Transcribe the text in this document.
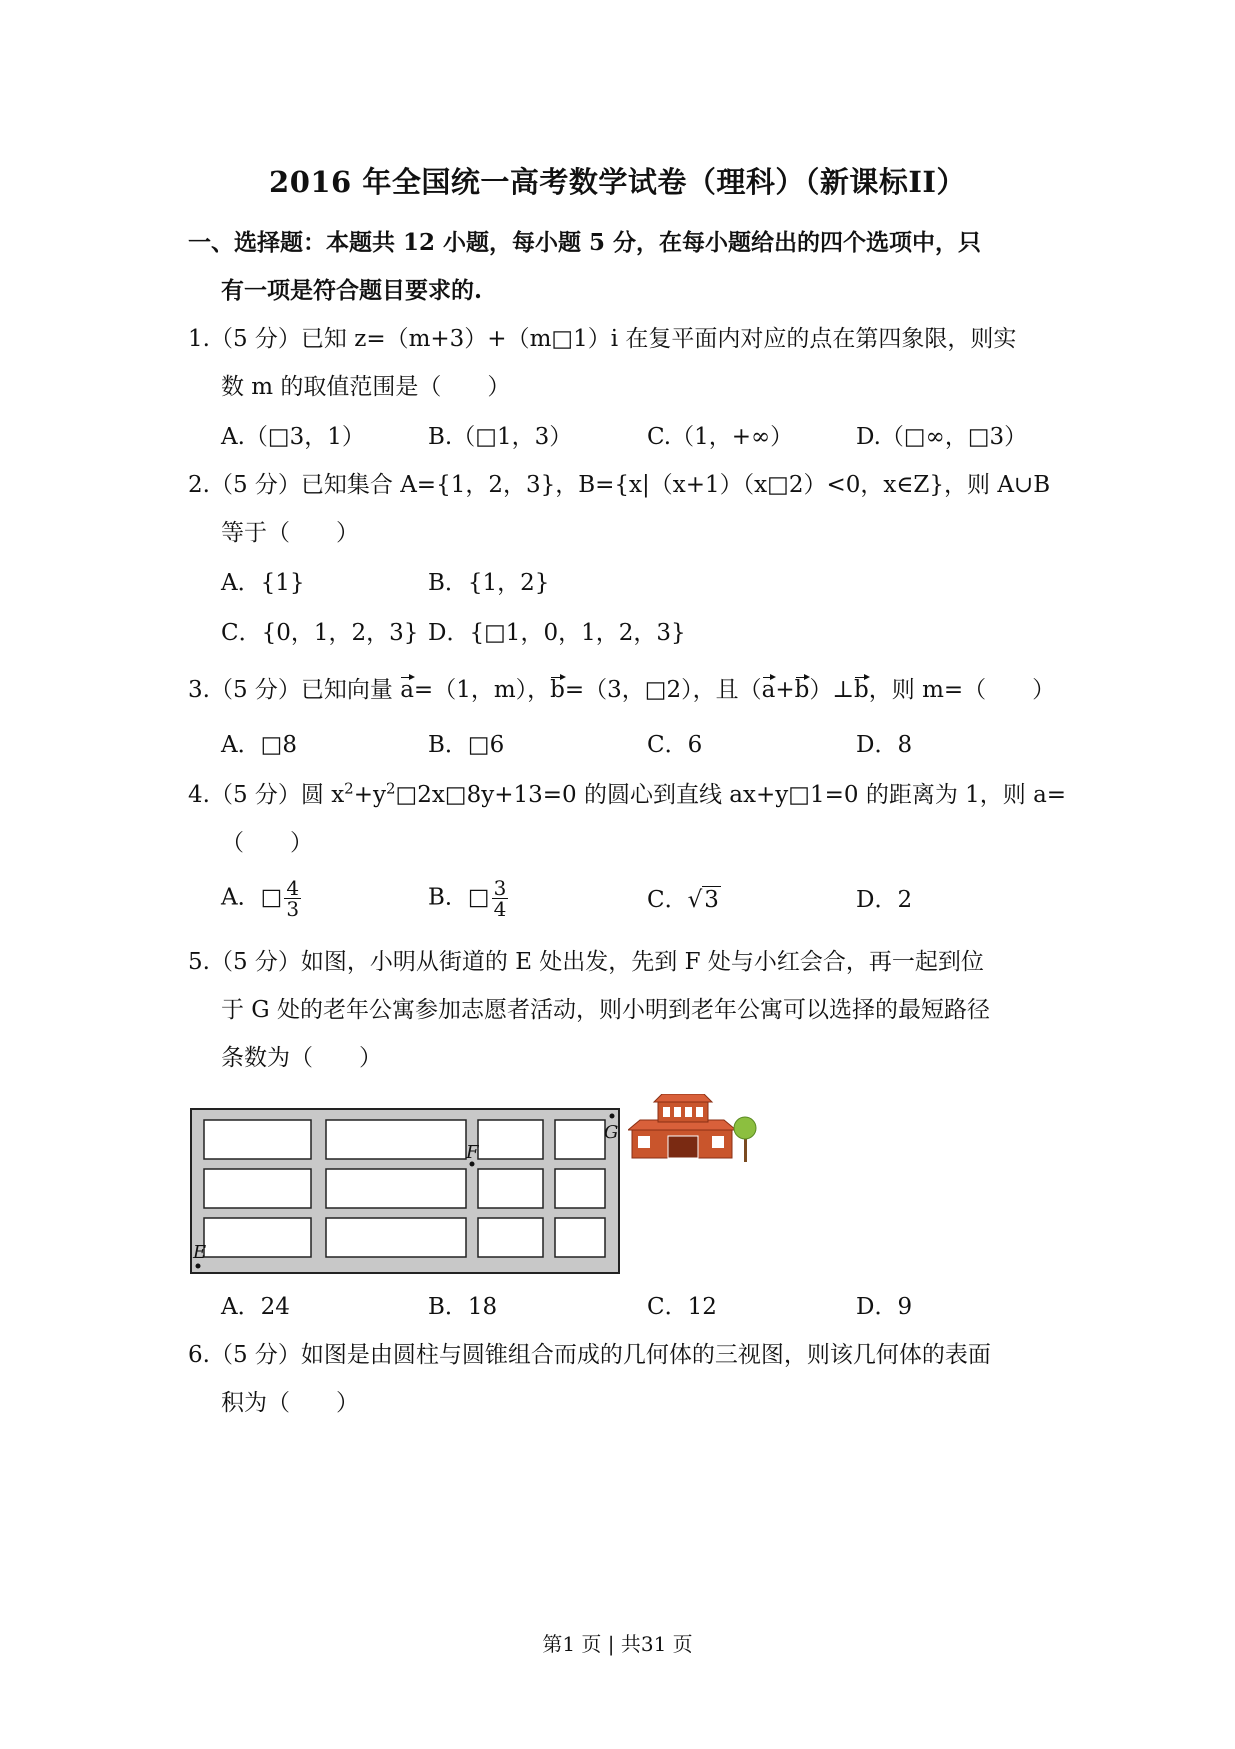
2016 年全国统一高考数学试卷（理科）（新课标II）
一、选择题：本题共 12 小题，每小题 5 分，在每小题给出的四个选项中，只
有一项是符合题目要求的.
1.（5 分）已知 z=（m+3）+（m□1）i 在复平面内对应的点在第四象限，则实
数 m 的取值范围是（　　）
A.（□3，1）	B.（□1，3）	C.（1，+∞）	D.（□∞，□3）
2.（5 分）已知集合 A={1，2，3}，B={x|（x+1）（x□2）<0，x∈Z}，则 A∪B
等于（　　）
A．{1}	B．{1，2}
C．{0，1，2，3} D．{□1，0，1，2，3}
3.（5 分）已知向量 a=（1，m），b=（3，□2），且（a+b）⊥b，则 m=（　　）
A．□8	B．□6	C．6	D．8
4.（5 分）圆 $x^2+y^2□2x□8y+13=0$ 的圆心到直线 ax+y□1=0 的距离为 1，则 a=
（　　）
A．□ $\frac{4}{3}$	B．□ $\frac{3}{4}$	C．√3	D．2
5.（5 分）如图，小明从街道的 E 处出发，先到 F 处与小红会合，再一起到位
于 G 处的老年公寓参加志愿者活动，则小明到老年公寓可以选择的最短路径
条数为（　　）
E
F
G
A．24	B．18	C．12	D．9
6.（5 分）如图是由圆柱与圆锥组合而成的几何体的三视图，则该几何体的表面
积为（　　）
第1 页 | 共31 页
